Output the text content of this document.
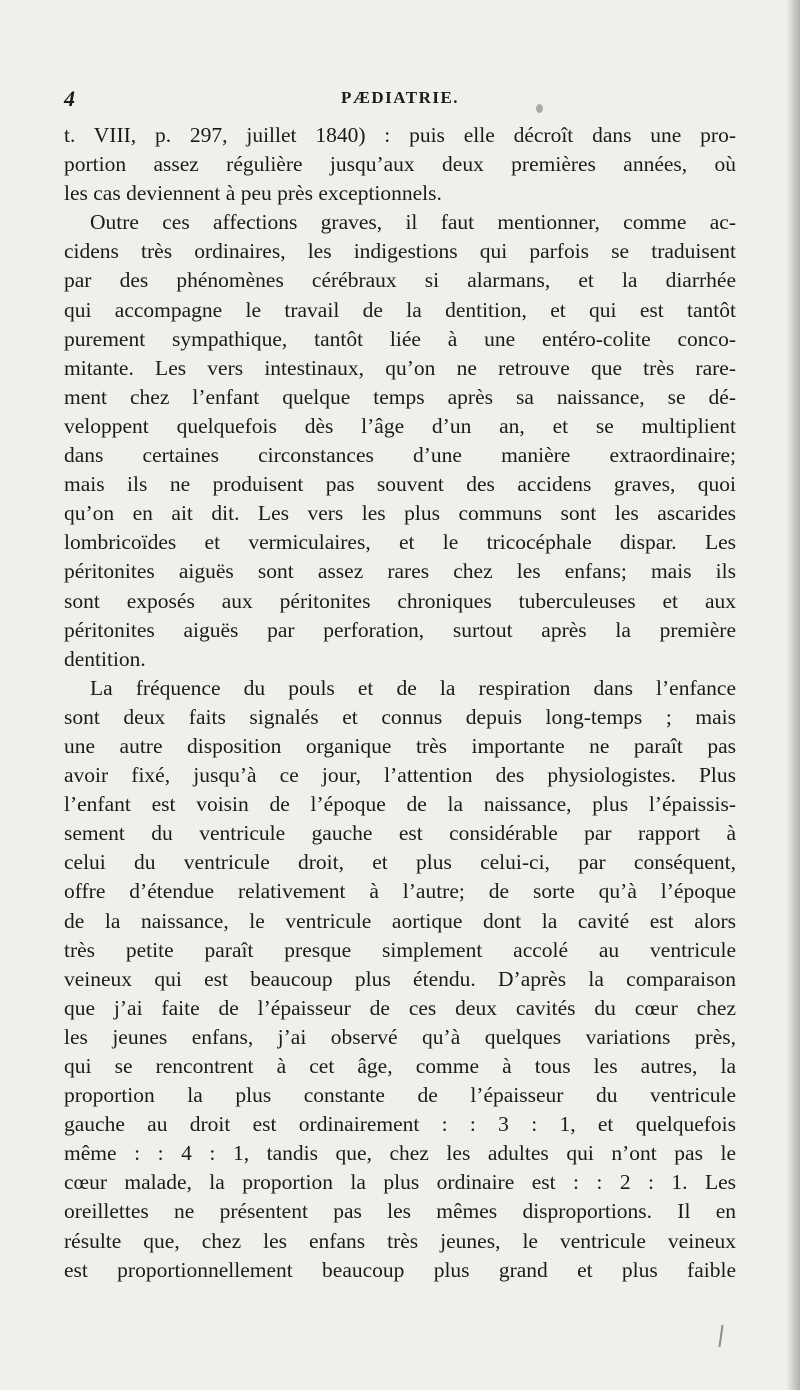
4	PÆDIATRIE.
t. VIII, p. 297, juillet 1840) : puis elle décroît dans une pro-
portion assez régulière jusqu’aux deux premières années, où
les cas deviennent à peu près exceptionnels.
Outre ces affections graves, il faut mentionner, comme ac-
cidens très ordinaires, les indigestions qui parfois se traduisent
par des phénomènes cérébraux si alarmans, et la diarrhée
qui accompagne le travail de la dentition, et qui est tantôt
purement sympathique, tantôt liée à une entéro-colite conco-
mitante. Les vers intestinaux, qu’on ne retrouve que très rare-
ment chez l’enfant quelque temps après sa naissance, se dé-
veloppent quelquefois dès l’âge d’un an, et se multiplient
dans certaines circonstances d’une manière extraordinaire;
mais ils ne produisent pas souvent des accidens graves, quoi
qu’on en ait dit. Les vers les plus communs sont les ascarides
lombricoïdes et vermiculaires, et le tricocéphale dispar. Les
péritonites aiguës sont assez rares chez les enfans; mais ils
sont exposés aux péritonites chroniques tuberculeuses et aux
péritonites aiguës par perforation, surtout après la première
dentition.
La fréquence du pouls et de la respiration dans l’enfance
sont deux faits signalés et connus depuis long-temps ; mais
une autre disposition organique très importante ne paraît pas
avoir fixé, jusqu’à ce jour, l’attention des physiologistes. Plus
l’enfant est voisin de l’époque de la naissance, plus l’épaissis-
sement du ventricule gauche est considérable par rapport à
celui du ventricule droit, et plus celui-ci, par conséquent,
offre d’étendue relativement à l’autre; de sorte qu’à l’époque
de la naissance, le ventricule aortique dont la cavité est alors
très petite paraît presque simplement accolé au ventricule
veineux qui est beaucoup plus étendu. D’après la comparaison
que j’ai faite de l’épaisseur de ces deux cavités du cœur chez
les jeunes enfans, j’ai observé qu’à quelques variations près,
qui se rencontrent à cet âge, comme à tous les autres, la
proportion la plus constante de l’épaisseur du ventricule
gauche au droit est ordinairement : : 3 : 1, et quelquefois
même : : 4 : 1, tandis que, chez les adultes qui n’ont pas le
cœur malade, la proportion la plus ordinaire est : : 2 : 1. Les
oreillettes ne présentent pas les mêmes disproportions. Il en
résulte que, chez les enfans très jeunes, le ventricule veineux
est proportionnellement beaucoup plus grand et plus faible
